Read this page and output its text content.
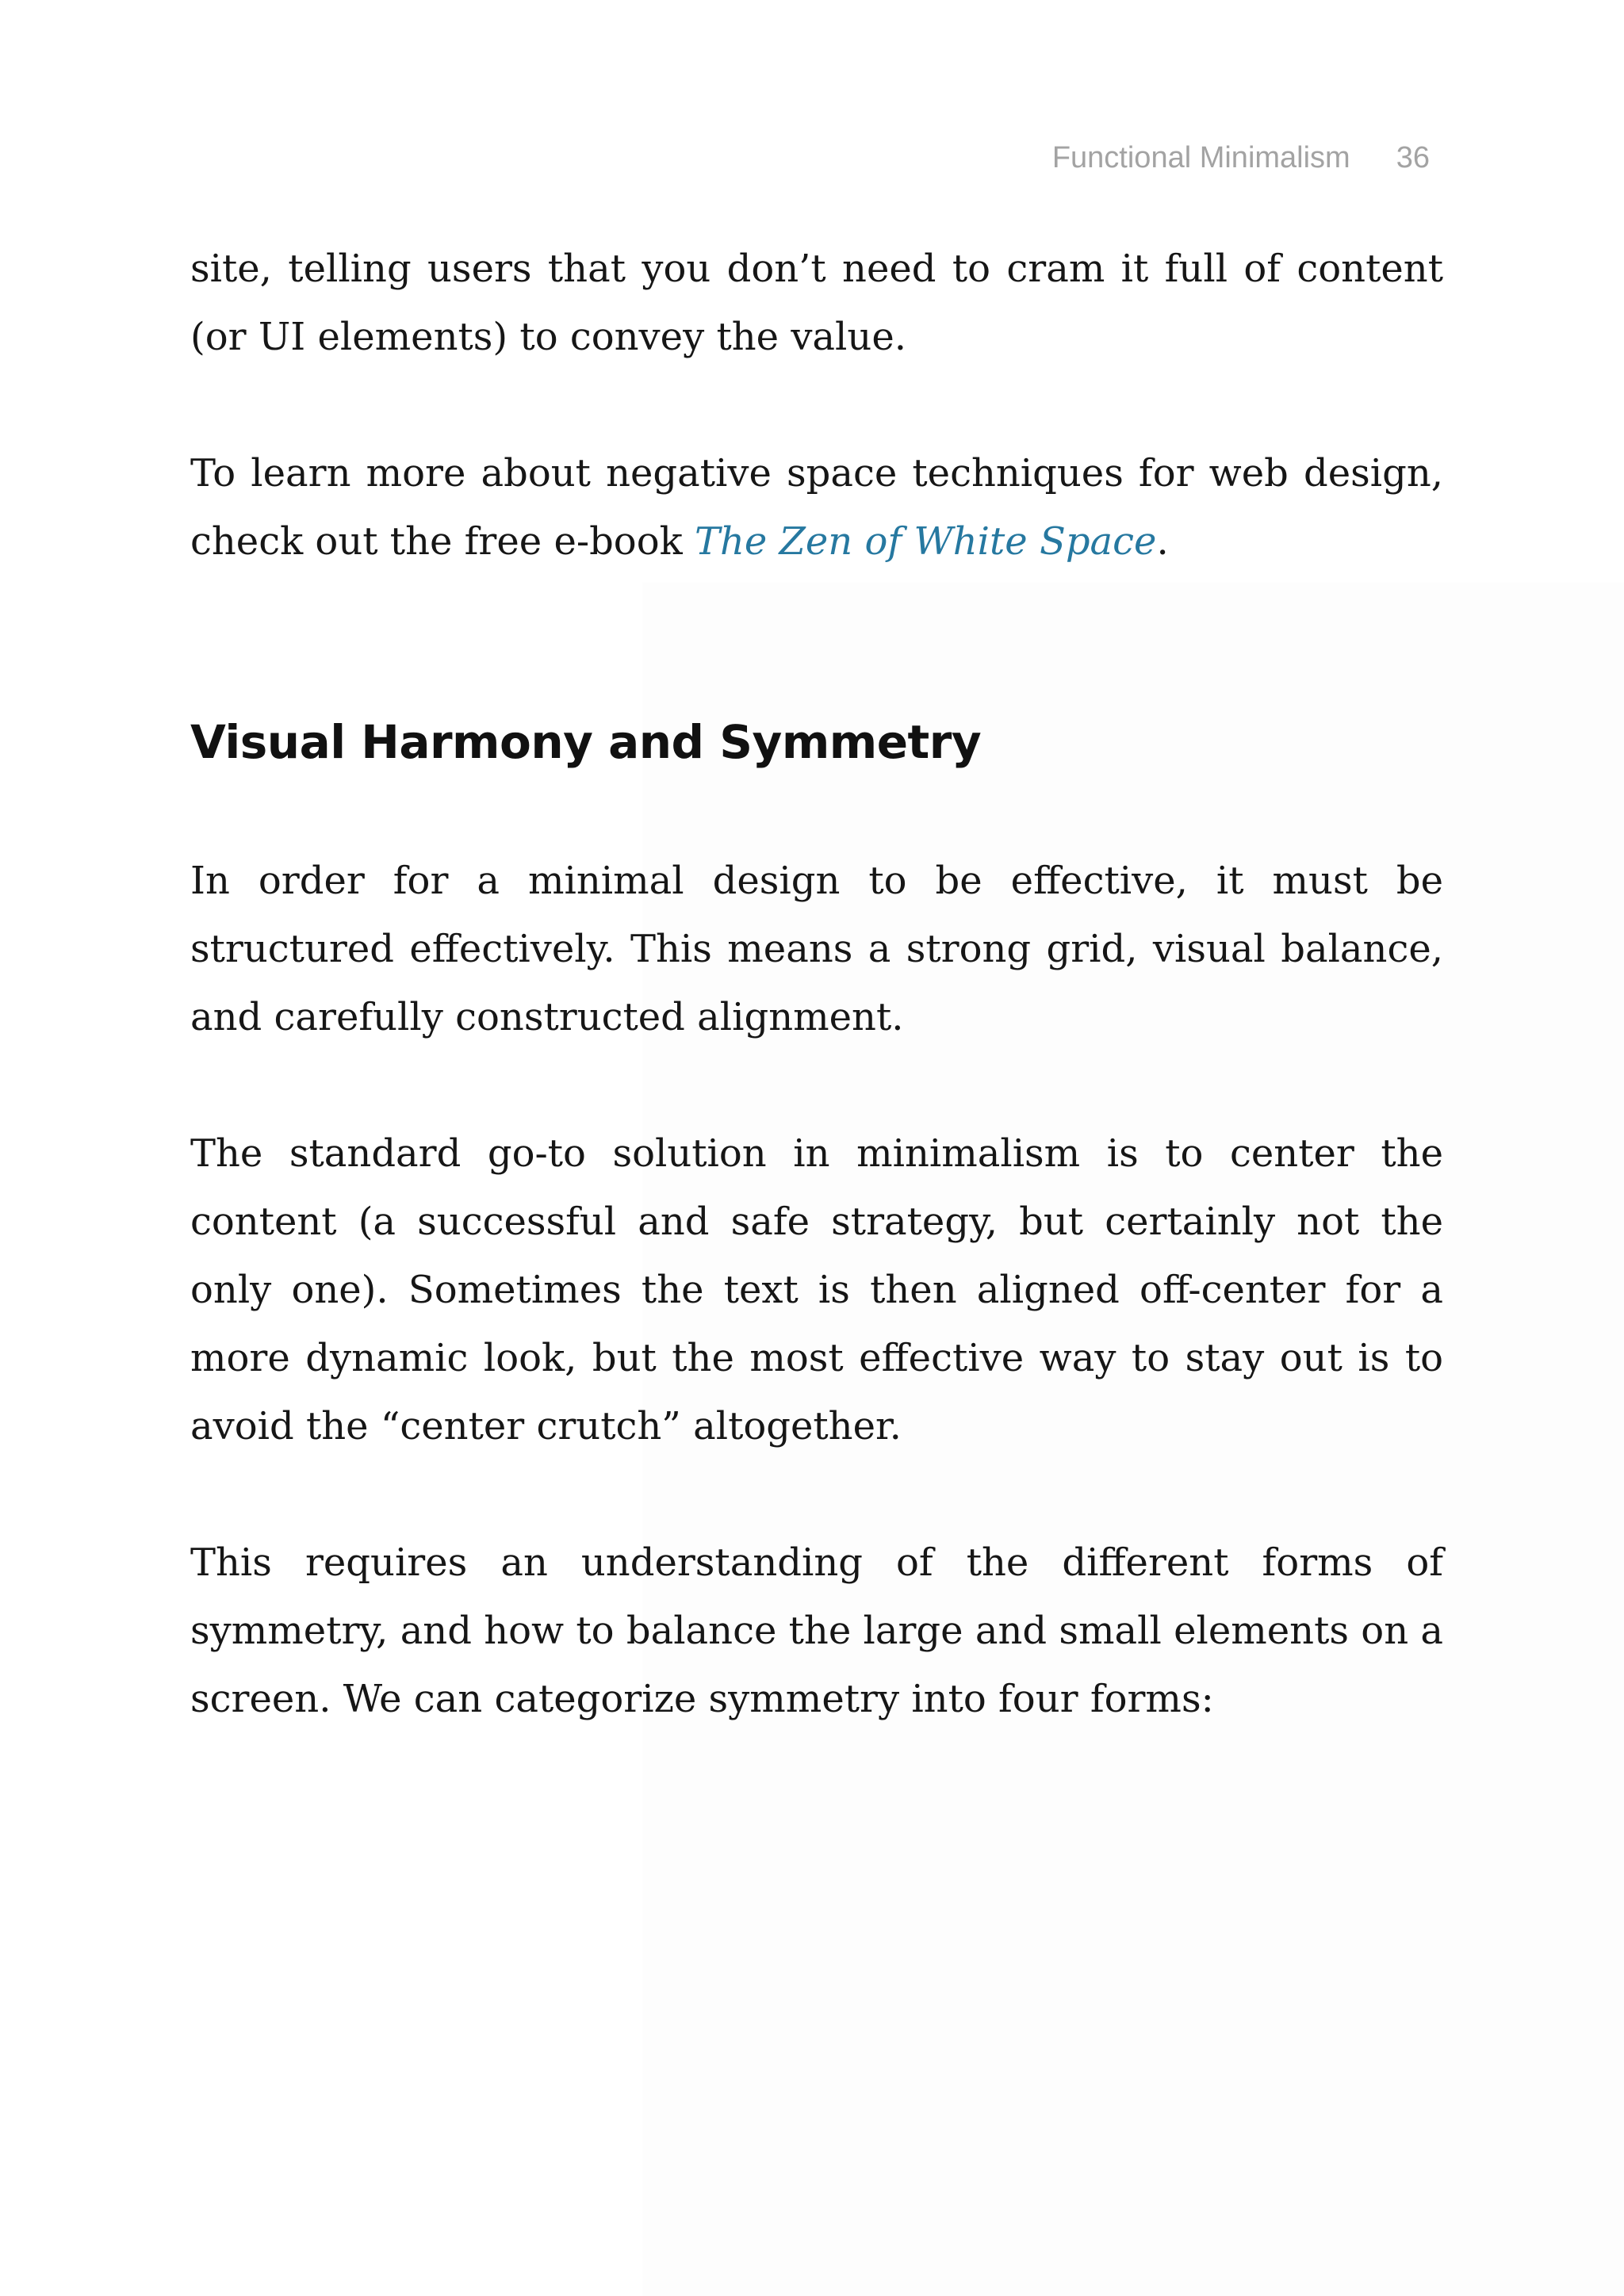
Functional Minimalism 36

site, telling users that you don’t need to cram it full of content (or UI elements) to convey the value.

To learn more about negative space techniques for web design, check out the free e-book The Zen of White Space.

Visual Harmony and Symmetry

In order for a minimal design to be effective, it must be structured effectively. This means a strong grid, visual balance, and carefully constructed alignment.

The standard go-to solution in minimalism is to center the content (a successful and safe strategy, but certainly not the only one). Sometimes the text is then aligned off-center for a more dynamic look, but the most effective way to stay out is to avoid the “center crutch” altogether.

This requires an understanding of the different forms of symmetry, and how to balance the large and small elements on a screen. We can categorize symmetry into four forms:
